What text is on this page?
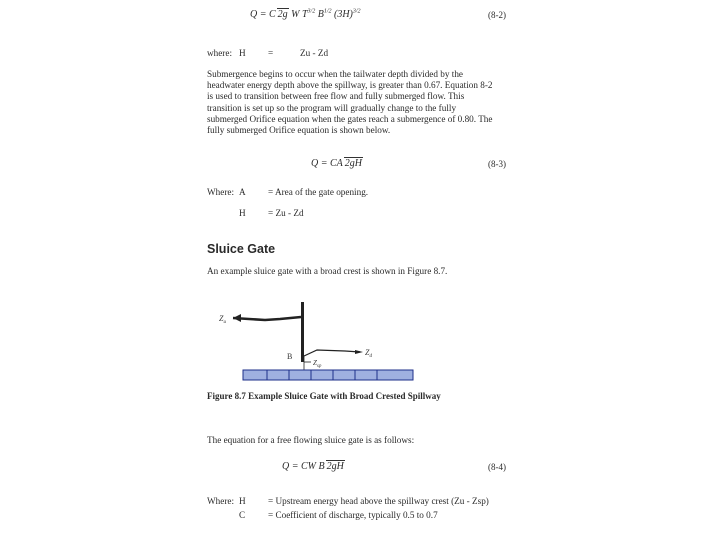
Q = C 2g W $T^{3/2}$ $B^{1/2}$ $(3H)^{3/2}$	(8-2)
where: H =	Zu - Zd
Submergence begins to occur when the tailwater depth divided by the
headwater energy depth above the spillway, is greater than 0.67. Equation 8-2
is used to transition between free flow and fully submerged flow. This
transition is set up so the program will gradually change to the fully
submerged Orifice equation when the gates reach a submergence of 0.80. The
fully submerged Orifice equation is shown below.
Q = CA 2gH	(8-3)
Where: A = Area of the gate opening.
H = Zu - Zd
Sluice Gate
An example sluice gate with a broad crest is shown in Figure 8.7.
$Z_u$
$Z_d$
B
$Z_{sp}$
Figure 8.7 Example Sluice Gate with Broad Crested Spillway
The equation for a free flowing sluice gate is as follows:
Q = CW B 2gH	(8-4)
Where: H = Upstream energy head above the spillway crest (Zu - Zsp)
C = Coefficient of discharge, typically 0.5 to 0.7
